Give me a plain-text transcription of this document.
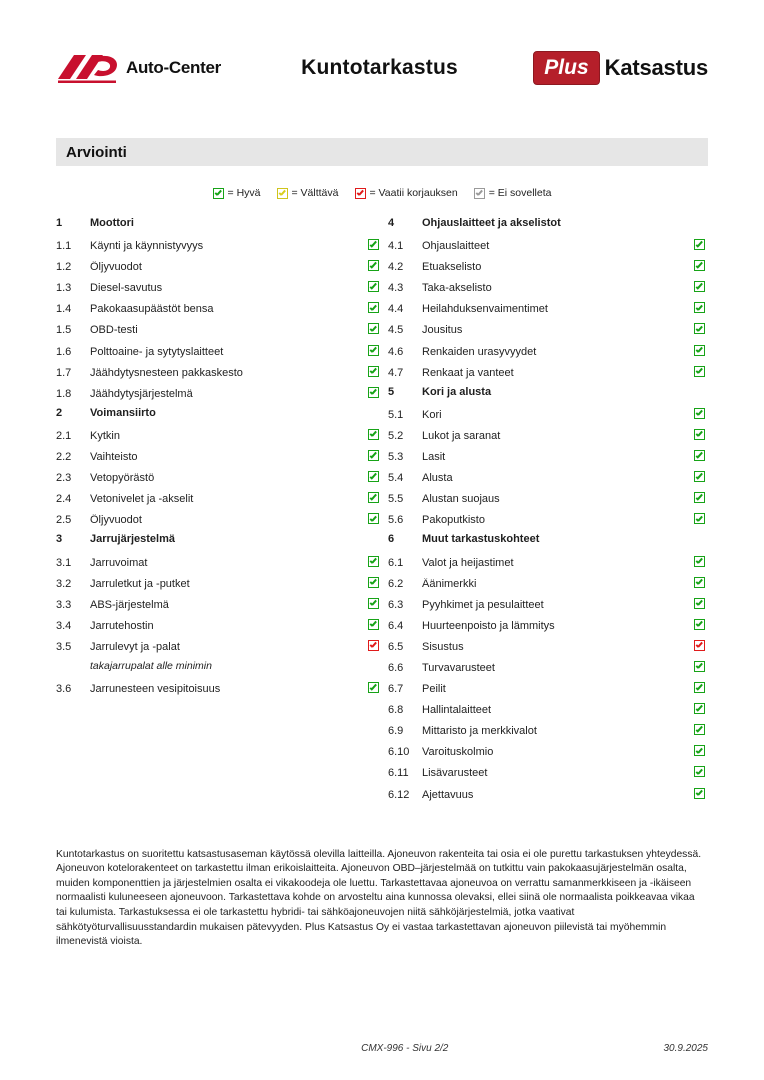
Auto-Center	Kuntotarkastus	Plus Katsastus
Arviointi
= Hyvä	= Välttävä	= Vaatii korjauksen	= Ei sovelleta
1	Moottori
1.1	Käynti ja käynnistyvyys
1.2	Öljyvuodot
1.3	Diesel-savutus
1.4	Pakokaasupäästöt bensa
1.5	OBD-testi
1.6	Polttoaine- ja sytytyslaitteet
1.7	Jäähdytysnesteen pakkaskesto
1.8	Jäähdytysjärjestelmä
2	Voimansiirto
2.1	Kytkin
2.2	Vaihteisto
2.3	Vetopyörästö
2.4	Vetonivelet ja -akselit
2.5	Öljyvuodot
3	Jarrujärjestelmä
3.1	Jarruvoimat
3.2	Jarruletkut ja -putket
3.3	ABS-järjestelmä
3.4	Jarrutehostin
3.5	Jarrulevyt ja -palat
takajarrupalat alle minimin
3.6	Jarrunesteen vesipitoisuus
4	Ohjauslaitteet ja akselistot
4.1	Ohjauslaitteet
4.2	Etuakselisto
4.3	Taka-akselisto
4.4	Heilahduksenvaimentimet
4.5	Jousitus
4.6	Renkaiden urasyvyydet
4.7	Renkaat ja vanteet
5	Kori ja alusta
5.1	Kori
5.2	Lukot ja saranat
5.3	Lasit
5.4	Alusta
5.5	Alustan suojaus
5.6	Pakoputkisto
6	Muut tarkastuskohteet
6.1	Valot ja heijastimet
6.2	Äänimerkki
6.3	Pyyhkimet ja pesulaitteet
6.4	Huurteenpoisto ja lämmitys
6.5	Sisustus
6.6	Turvavarusteet
6.7	Peilit
6.8	Hallintalaitteet
6.9	Mittaristo ja merkkivalot
6.10	Varoituskolmio
6.11	Lisävarusteet
6.12	Ajettavuus

Kuntotarkastus on suoritettu katsastusaseman käytössä olevilla laitteilla. Ajoneuvon rakenteita tai osia ei ole purettu tarkastuksen yhteydessä. Ajoneuvon kotelorakenteet on tarkastettu ilman erikoislaitteita. Ajoneuvon OBD–järjestelmää on tutkittu vain pakokaasujärjestelmän osalta, muiden komponenttien ja järjestelmien osalta ei vikakoodeja ole luettu. Tarkastettavaa ajoneuvoa on verrattu samanmerkkiseen ja -ikäiseen normaalisti kuluneeseen ajoneuvoon. Tarkastettava kohde on arvosteltu aina kunnossa olevaksi, ellei siinä ole normaalista poikkeavaa vikaa tai kulumista. Tarkastuksessa ei ole tarkastettu hybridi- tai sähköajoneuvojen niitä sähköjärjestelmiä, jotka vaativat sähkötyöturvallisuusstandardin mukaisen pätevyyden. Plus Katsastus Oy ei vastaa tarkastettavan ajoneuvon piilevistä tai myöhemmin ilmenevistä vioista.

CMX-996 - Sivu 2/2	30.9.2025
